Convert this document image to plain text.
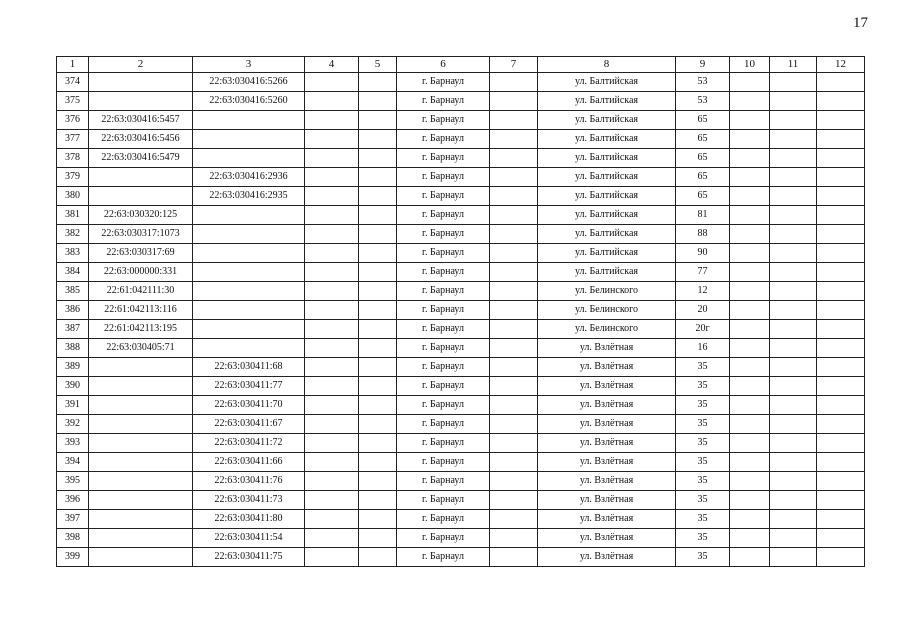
17
1	2	3	4	5	6	7	8	9	10	11	12
374		22:63:030416:5266			г. Барнаул		ул. Балтийская	53			
375		22:63:030416:5260			г. Барнаул		ул. Балтийская	53			
376	22:63:030416:5457				г. Барнаул		ул. Балтийская	65			
377	22:63:030416:5456				г. Барнаул		ул. Балтийская	65			
378	22:63:030416:5479				г. Барнаул		ул. Балтийская	65			
379		22:63:030416:2936			г. Барнаул		ул. Балтийская	65			
380		22:63:030416:2935			г. Барнаул		ул. Балтийская	65			
381	22:63:030320:125				г. Барнаул		ул. Балтийская	81			
382	22:63:030317:1073				г. Барнаул		ул. Балтийская	88			
383	22:63:030317:69				г. Барнаул		ул. Балтийская	90			
384	22:63:000000:331				г. Барнаул		ул. Балтийская	77			
385	22:61:042111:30				г. Барнаул		ул. Белинского	12			
386	22:61:042113:116				г. Барнаул		ул. Белинского	20			
387	22:61:042113:195				г. Барнаул		ул. Белинского	20г			
388	22:63:030405:71				г. Барнаул		ул. Взлётная	16			
389		22:63:030411:68			г. Барнаул		ул. Взлётная	35			
390		22:63:030411:77			г. Барнаул		ул. Взлётная	35			
391		22:63:030411:70			г. Барнаул		ул. Взлётная	35			
392		22:63:030411:67			г. Барнаул		ул. Взлётная	35			
393		22:63:030411:72			г. Барнаул		ул. Взлётная	35			
394		22:63:030411:66			г. Барнаул		ул. Взлётная	35			
395		22:63:030411:76			г. Барнаул		ул. Взлётная	35			
396		22:63:030411:73			г. Барнаул		ул. Взлётная	35			
397		22:63:030411:80			г. Барнаул		ул. Взлётная	35			
398		22:63:030411:54			г. Барнаул		ул. Взлётная	35			
399		22:63:030411:75			г. Барнаул		ул. Взлётная	35			
